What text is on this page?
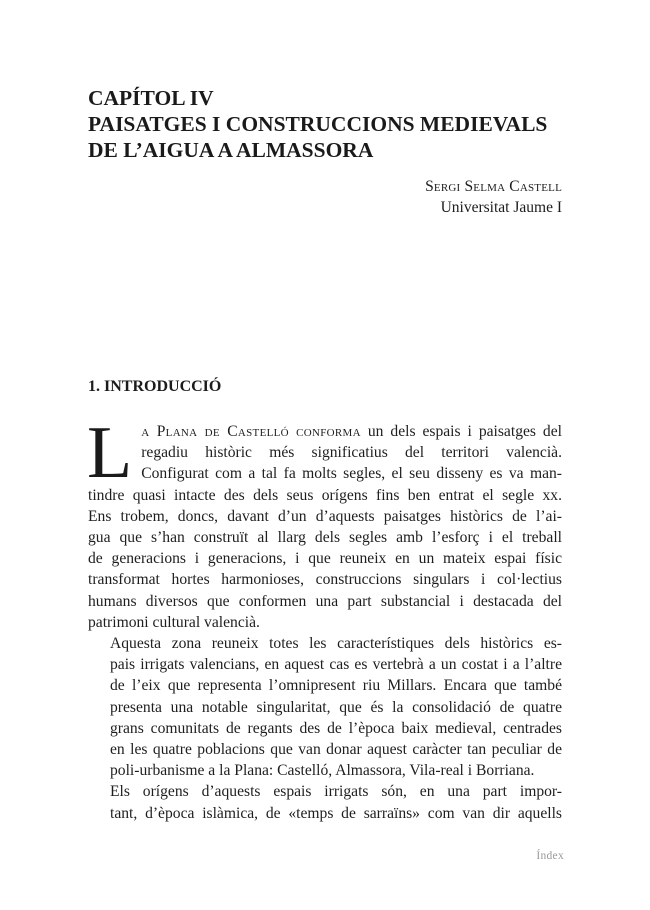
CAPÍTOL IV
PAISATGES I CONSTRUCCIONS MEDIEVALS
DE L’AIGUA A ALMASSORA
Sergi Selma Castell
Universitat Jaume I
1. INTRODUCCIÓ

L a Plana de Castelló conforma un dels espais i paisatges del
regadiu històric més significatius del territori valencià.
Configurat com a tal fa molts segles, el seu disseny es va man-
tindre quasi intacte des dels seus orígens fins ben entrat el segle xx.
Ens trobem, doncs, davant d’un d’aquests paisatges històrics de l’ai-
gua que s’han construït al llarg dels segles amb l’esforç i el treball
de generacions i generacions, i que reuneix en un mateix espai físic
transformat hortes harmonioses, construccions singulars i col·lectius
humans diversos que conformen una part substancial i destacada del
patrimoni cultural valencià.

Aquesta zona reuneix totes les característiques dels històrics es-
pais irrigats valencians, en aquest cas es vertebrà a un costat i a l’altre
de l’eix que representa l’omnipresent riu Millars. Encara que també
presenta una notable singularitat, que és la consolidació de quatre
grans comunitats de regants des de l’època baix medieval, centrades
en les quatre poblacions que van donar aquest caràcter tan peculiar de
poli-urbanisme a la Plana: Castelló, Almassora, Vila-real i Borriana.

Els orígens d’aquests espais irrigats són, en una part impor-
tant, d’època islàmica, de «temps de sarraïns» com van dir aquells

Índex
